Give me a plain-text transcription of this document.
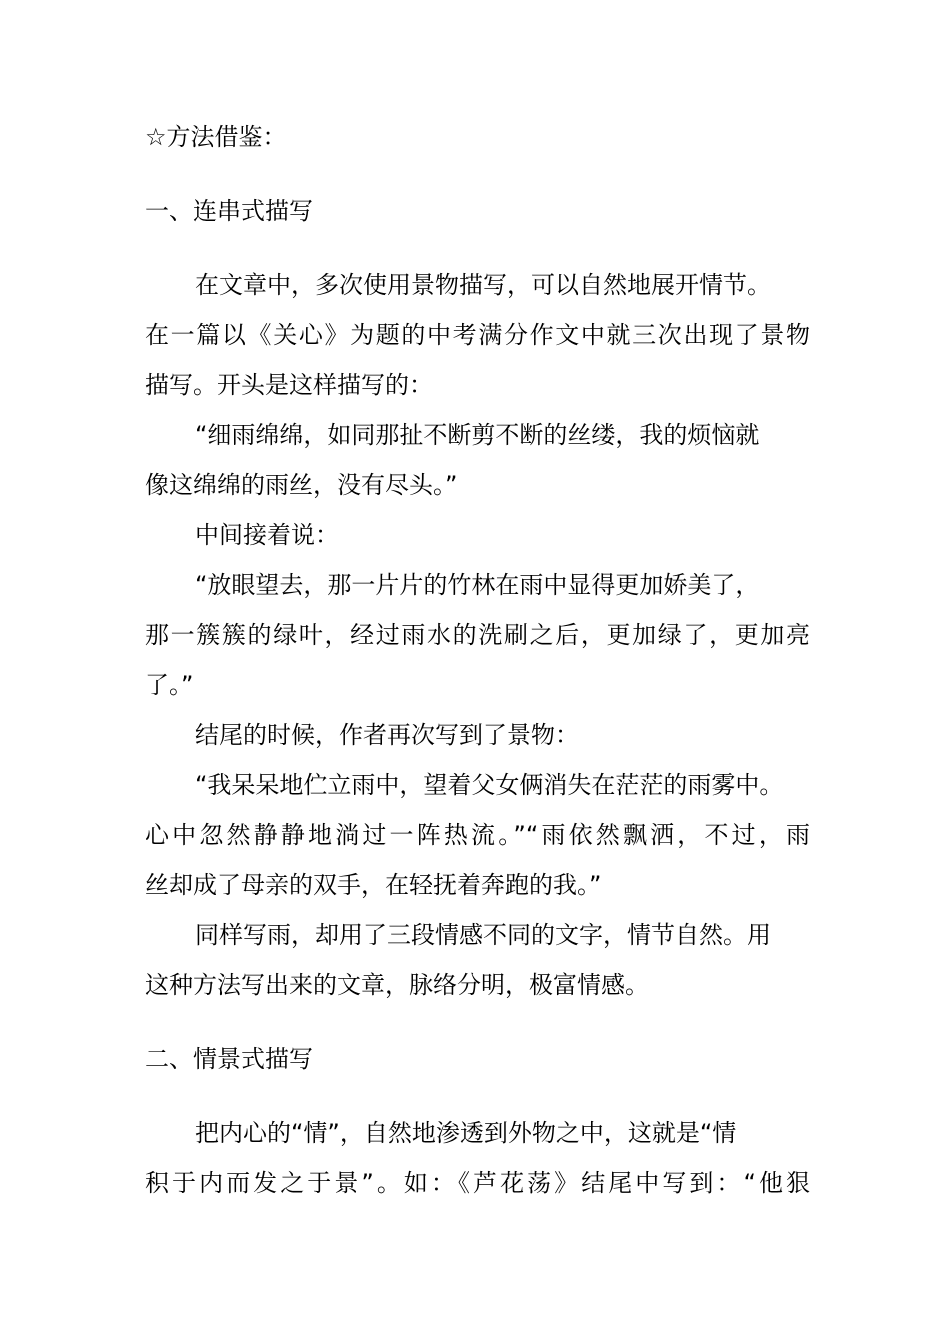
☆方法借鉴：

一、连串式描写

在文章中，多次使用景物描写，可以自然地展开情节。

在一篇以《关心》为题的中考满分作文中就三次出现了景物

描写。开头是这样描写的：

“细雨绵绵，如同那扯不断剪不断的丝缕，我的烦恼就

像这绵绵的雨丝，没有尽头。”

中间接着说：

“放眼望去，那一片片的竹林在雨中显得更加娇美了，

那一簇簇的绿叶，经过雨水的洗刷之后，更加绿了，更加亮

了。”

结尾的时候，作者再次写到了景物：

“我呆呆地伫立雨中，望着父女俩消失在茫茫的雨雾中。

心中忽然静静地淌过一阵热流。”“雨依然飘洒，不过，雨

丝却成了母亲的双手，在轻抚着奔跑的我。”

同样写雨，却用了三段情感不同的文字，情节自然。用

这种方法写出来的文章，脉络分明，极富情感。

二、情景式描写

把内心的“情”，自然地渗透到外物之中，这就是“情

积于内而发之于景”。如：《芦花荡》结尾中写到：“他狠
